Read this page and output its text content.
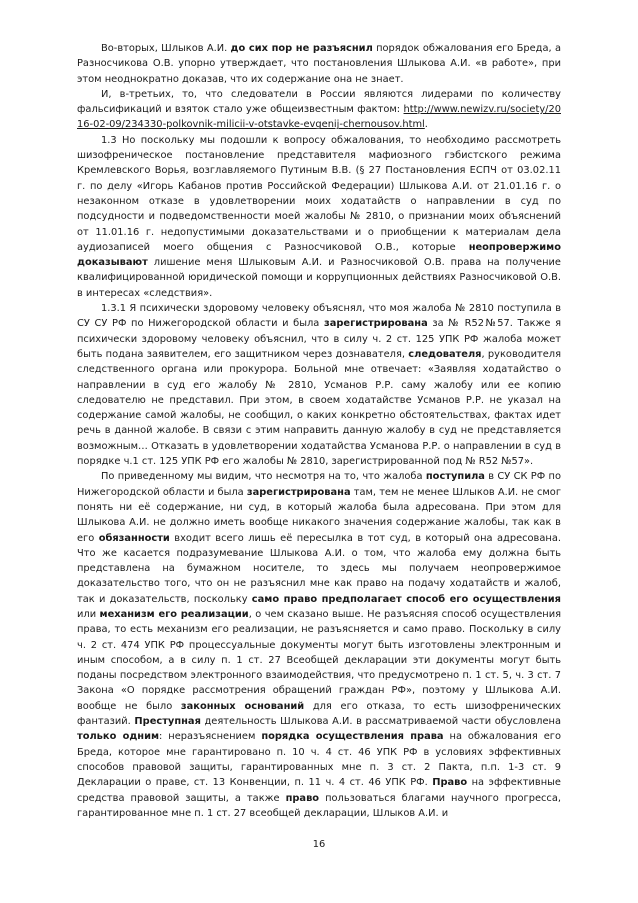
Во-вторых, Шлыков А.И. до сих пор не разъяснил порядок обжалования его Бреда, а Разносчикова О.В. упорно утверждает, что постановления Шлыкова А.И. «в работе», при этом неоднократно доказав, что их содержание она не знает.

И, в-третьих, то, что следователи в России являются лидерами по количеству фальсификаций и взяток стало уже общеизвестным фактом: http://www.newizv.ru/society/2016-02-09/234330-polkovnik-milicii-v-otstavke-evgenij-chernousov.html.

1.3 Но поскольку мы подошли к вопросу обжалования, то необходимо рассмотреть шизофреническое постановление представителя мафиозного гэбистского режима Кремлевского Ворья, возглавляемого Путиным В.В. (§ 27 Постановления ЕСПЧ от 03.02.11 г. по делу «Игорь Кабанов против Российской Федерации) Шлыкова А.И. от 21.01.16 г. о незаконном отказе в удовлетворении моих ходатайств о направлении в суд по подсудности и подведомственности моей жалобы № 2810, о признании моих объяснений от 11.01.16 г. недопустимыми доказательствами и о приобщении к материалам дела аудиозаписей моего общения с Разносчиковой О.В., которые неопровержимо доказывают лишение меня Шлыковым А.И. и Разносчиковой О.В. права на получение квалифицированной юридической помощи и коррупционных действиях Разносчиковой О.В. в интересах «следствия».

1.3.1 Я психически здоровому человеку объяснял, что моя жалоба № 2810 поступила в СУ СУ РФ по Нижегородской области и была зарегистрирована за № R52№57. Также я психически здоровому человеку объяснил, что в силу ч. 2 ст. 125 УПК РФ жалоба может быть подана заявителем, его защитником через дознавателя, следователя, руководителя следственного органа или прокурора. Больной мне отвечает: «Заявляя ходатайство о направлении в суд его жалобу № 2810, Усманов Р.Р. саму жалобу или ее копию следователю не представил. При этом, в своем ходатайстве Усманов Р.Р. не указал на содержание самой жалобы, не сообщил, о каких конкретно обстоятельствах, фактах идет речь в данной жалобе. В связи с этим направить данную жалобу в суд не представляется возможным… Отказать в удовлетворении ходатайства Усманова Р.Р. о направлении в суд в порядке ч.1 ст. 125 УПК РФ его жалобы № 2810, зарегистрированной под № R52 №57».

По приведенному мы видим, что несмотря на то, что жалоба поступила в СУ СК РФ по Нижегородской области и была зарегистрирована там, тем не менее Шлыков А.И. не смог понять ни её содержание, ни суд, в который жалоба была адресована. При этом для Шлыкова А.И. не должно иметь вообще никакого значения содержание жалобы, так как в его обязанности входит всего лишь её пересылка в тот суд, в который она адресована. Что же касается подразумевание Шлыкова А.И. о том, что жалоба ему должна быть представлена на бумажном носителе, то здесь мы получаем неопровержимое доказательство того, что он не разъяснил мне как право на подачу ходатайств и жалоб, так и доказательств, поскольку само право предполагает способ его осуществления или механизм его реализации, о чем сказано выше. Не разъясняя способ осуществления права, то есть механизм его реализации, не разъясняется и само право. Поскольку в силу ч. 2 ст. 474 УПК РФ процессуальные документы могут быть изготовлены электронным и иным способом, а в силу п. 1 ст. 27 Всеобщей декларации эти документы могут быть поданы посредством электронного взаимодействия, что предусмотрено п. 1 ст. 5, ч. 3 ст. 7 Закона «О порядке рассмотрения обращений граждан РФ», поэтому у Шлыкова А.И. вообще не было законных оснований для его отказа, то есть шизофренических фантазий. Преступная деятельность Шлыкова А.И. в рассматриваемой части обусловлена только одним: неразъяснением порядка осуществления права на обжалования его Бреда, которое мне гарантировано п. 10 ч. 4 ст. 46 УПК РФ в условиях эффективных способов правовой защиты, гарантированных мне п. 3 ст. 2 Пакта, п.п. 1-3 ст. 9 Декларации о праве, ст. 13 Конвенции, п. 11 ч. 4 ст. 46 УПК РФ. Право на эффективные средства правовой защиты, а также право пользоваться благами научного прогресса, гарантированное мне п. 1 ст. 27 всеобщей декларации, Шлыков А.И. и

16
